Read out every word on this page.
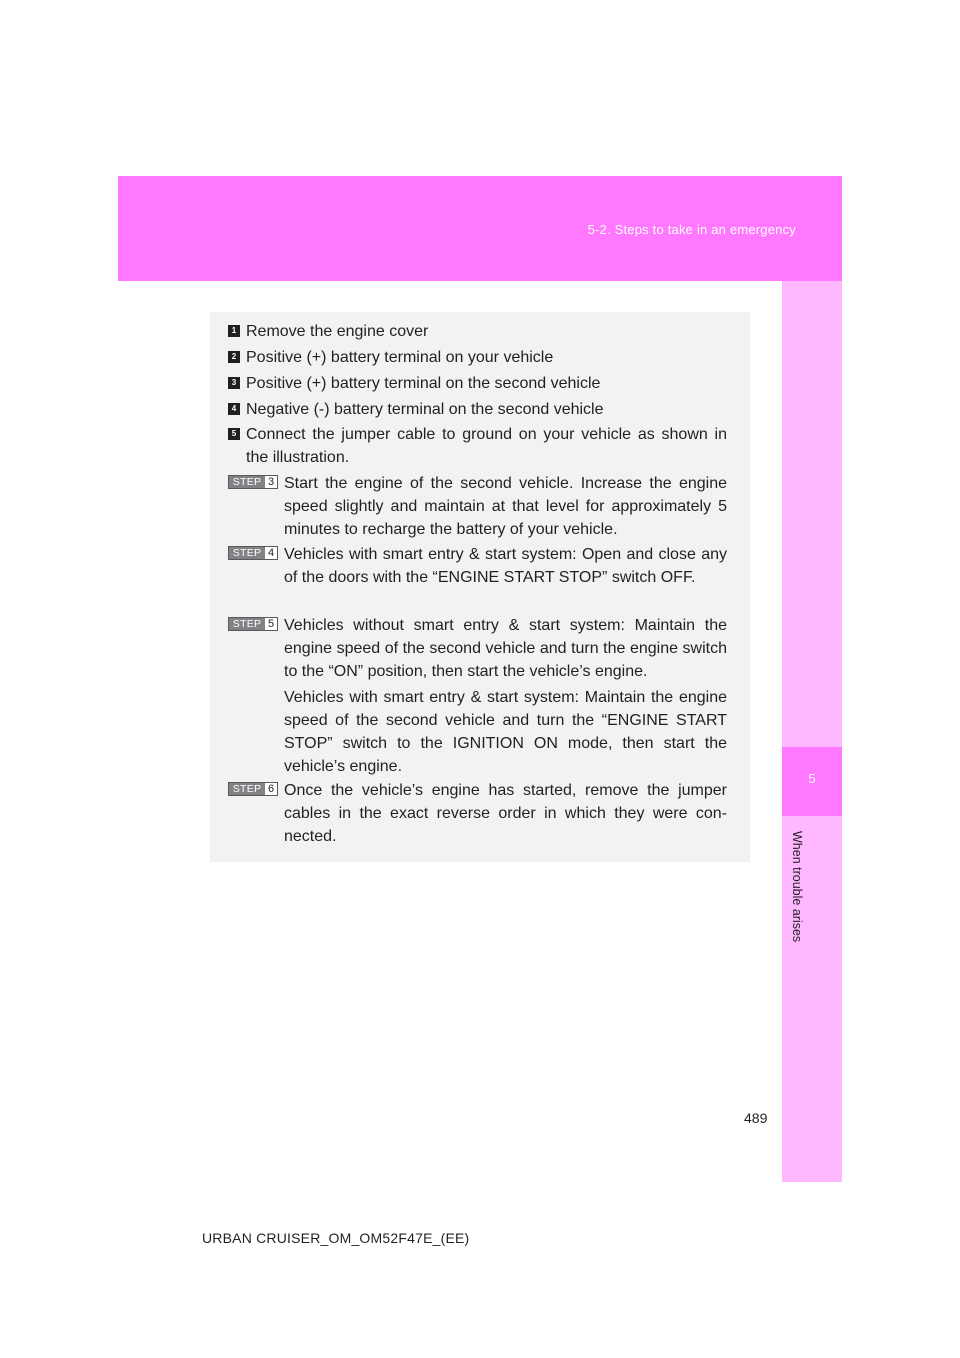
5-2. Steps to take in an emergency
5
When trouble arises
1 Remove the engine cover
2 Positive (+) battery terminal on your vehicle
3 Positive (+) battery terminal on the second vehicle
4 Negative (-) battery terminal on the second vehicle
5 Connect the jumper cable to ground on your vehicle as shown in the illustration.
STEP 3 Start the engine of the second vehicle. Increase the engine speed slightly and maintain at that level for approximately 5 minutes to recharge the battery of your vehicle.
STEP 4 Vehicles with smart entry & start system: Open and close any of the doors with the “ENGINE START STOP” switch OFF.
STEP 5 Vehicles without smart entry & start system: Maintain the engine speed of the second vehicle and turn the engine switch to the “ON” position, then start the vehicle’s engine.
Vehicles with smart entry & start system: Maintain the engine speed of the second vehicle and turn the “ENGINE START STOP” switch to the IGNITION ON mode, then start the vehicle’s engine.
STEP 6 Once the vehicle’s engine has started, remove the jumper cables in the exact reverse order in which they were con-nected.
489
URBAN CRUISER_OM_OM52F47E_(EE)
